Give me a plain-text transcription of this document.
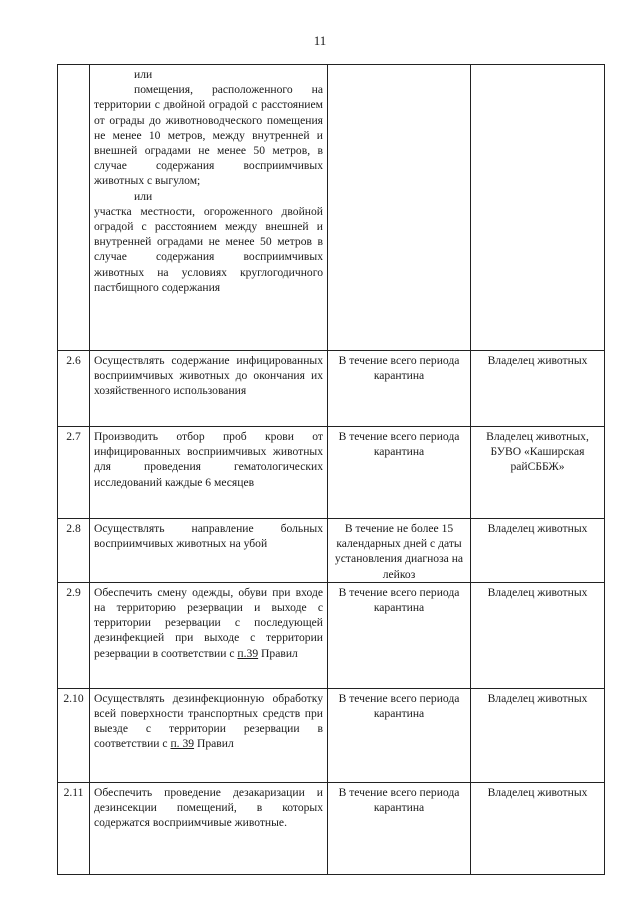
11

	или
помещения, расположенного на территории с двойной оградой с расстоянием от ограды до животноводческого помещения не менее 10 метров, между внутренней и внешней оградами не менее 50 метров, в случае содержания восприимчивых животных с выгулом;
или
участка местности, огороженного двойной оградой с расстоянием между внешней и внутренней оградами не менее 50 метров в случае содержания восприимчивых животных на условиях круглогодичного пастбищного содержания		

2.6	Осуществлять содержание инфицированных восприимчивых животных до окончания их хозяйственного использования	В течение всего периода карантина	Владелец животных
2.7	Производить отбор проб крови от инфицированных восприимчивых животных для проведения гематологических исследований каждые 6 месяцев	В течение всего периода карантина	Владелец животных, БУВО «Каширская райСББЖ»
2.8	Осуществлять направление больных восприимчивых животных на убой	В течение не более 15 календарных дней с даты установления диагноза на лейкоз	Владелец животных
2.9	Обеспечить смену одежды, обуви при входе на территорию резервации и выходе с территории резервации с последующей дезинфекцией при выходе с территории резервации в соответствии с п.39 Правил	В течение всего периода карантина	Владелец животных
2.10	Осуществлять дезинфекционную обработку всей поверхности транспортных средств при выезде с территории резервации в соответствии с п. 39 Правил	В течение всего периода карантина	Владелец животных
2.11	Обеспечить проведение дезакаризации и дезинсекции помещений, в которых содержатся восприимчивые животные.	В течение всего периода карантина	Владелец животных
